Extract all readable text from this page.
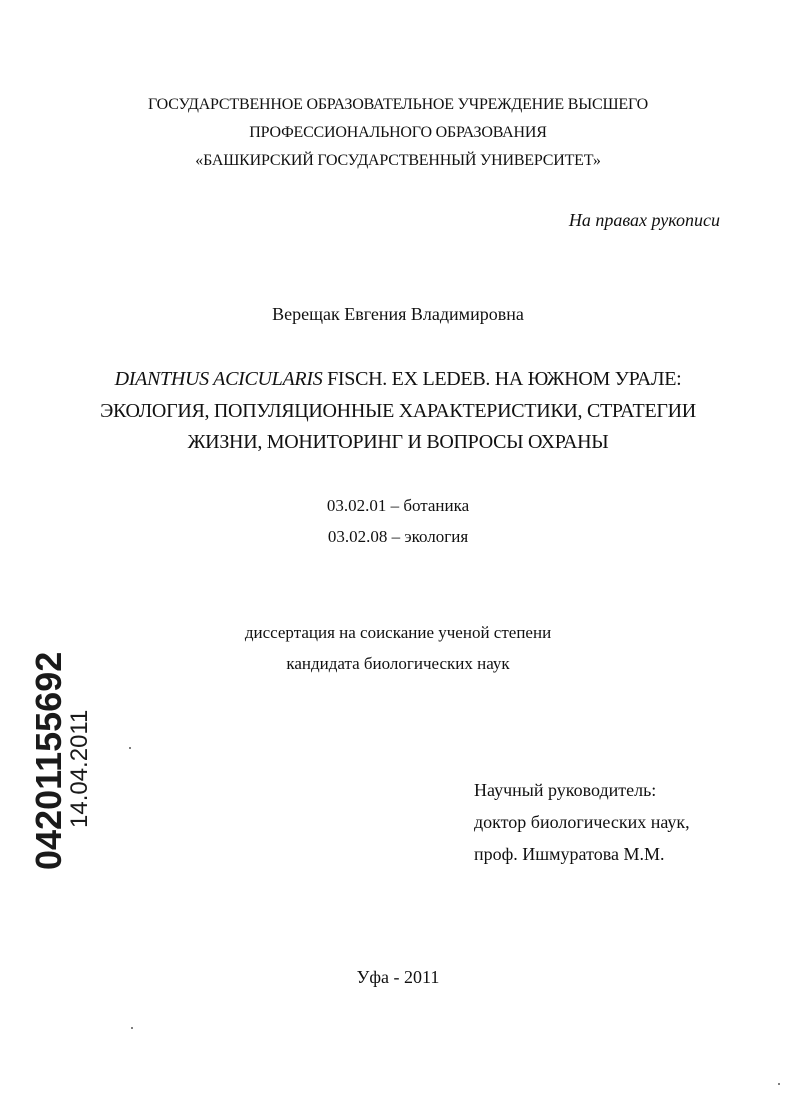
ГОСУДАРСТВЕННОЕ ОБРАЗОВАТЕЛЬНОЕ УЧРЕЖДЕНИЕ ВЫСШЕГО
ПРОФЕССИОНАЛЬНОГО ОБРАЗОВАНИЯ
«БАШКИРСКИЙ ГОСУДАРСТВЕННЫЙ УНИВЕРСИТЕТ»
На правах рукописи
Верещак Евгения Владимировна
DIANTHUS ACICULARIS FISCH. EX LEDEB. НА ЮЖНОМ УРАЛЕ:
ЭКОЛОГИЯ, ПОПУЛЯЦИОННЫЕ ХАРАКТЕРИСТИКИ, СТРАТЕГИИ
ЖИЗНИ, МОНИТОРИНГ И ВОПРОСЫ ОХРАНЫ
03.02.01 – ботаника
03.02.08 – экология
диссертация на соискание ученой степени
кандидата биологических наук
Научный руководитель:
доктор биологических наук,
проф. Ишмуратова М.М.
Уфа - 2011
04201155692
14.04.2011
